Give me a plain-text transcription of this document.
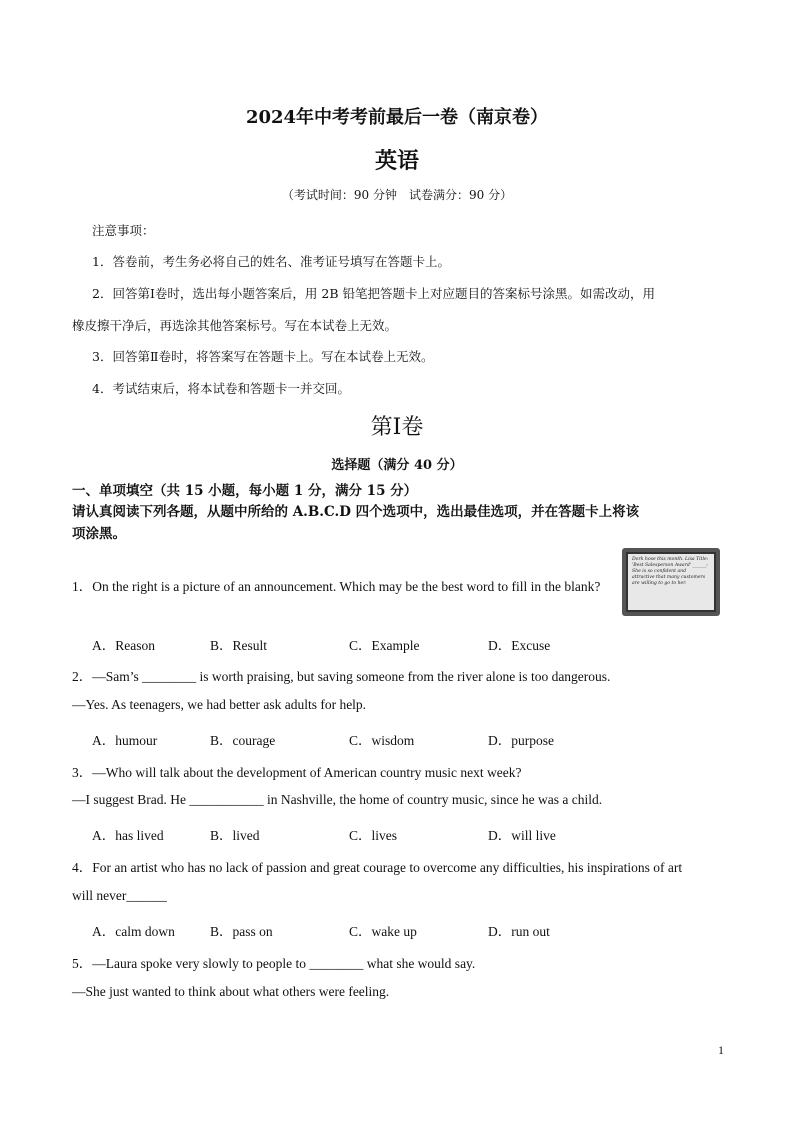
2024年中考考前最后一卷（南京卷）
英语
（考试时间：90 分钟　试卷满分：90 分）
注意事项：
1．答卷前，考生务必将自己的姓名、准考证号填写在答题卡上。
2．回答第Ⅰ卷时，选出每小题答案后，用 2B 铅笔把答题卡上对应题目的答案标号涂黑。如需改动，用
橡皮擦干净后，再选涂其他答案标号。写在本试卷上无效。
3．回答第Ⅱ卷时，将答案写在答题卡上。写在本试卷上无效。
4．考试结束后，将本试卷和答题卡一并交回。
第Ⅰ卷
选择题（满分 40 分）
一、单项填空（共 15 小题，每小题 1 分，满分 15 分）
请认真阅读下列各题，从题中所给的 A.B.C.D 四个选项中，选出最佳选项，并在答题卡上将该
项涂黑。
1．On the right is a picture of an announcement. Which may be the best word to fill in the blank?
Dork hose this month. Lisa Title: 'Best Salesperson Award' ______: She is so confident and attractive that many customers are willing to go to her.
A．Reason	B．Result	C．Example	D．Excuse
2．—Sam’s ________ is worth praising, but saving someone from the river alone is too dangerous.
—Yes. As teenagers, we had better ask adults for help.
A．humour	B．courage	C．wisdom	D．purpose
3．—Who will talk about the development of American country music next week?
—I suggest Brad. He ___________ in Nashville, the home of country music, since he was a child.
A．has lived	B．lived	C．lives	D．will live
4．For an artist who has no lack of passion and great courage to overcome any difficulties, his inspirations of art
will never______
A．calm down	B．pass on	C．wake up	D．run out
5．—Laura spoke very slowly to people to ________ what she would say.
—She just wanted to think about what others were feeling.
1
